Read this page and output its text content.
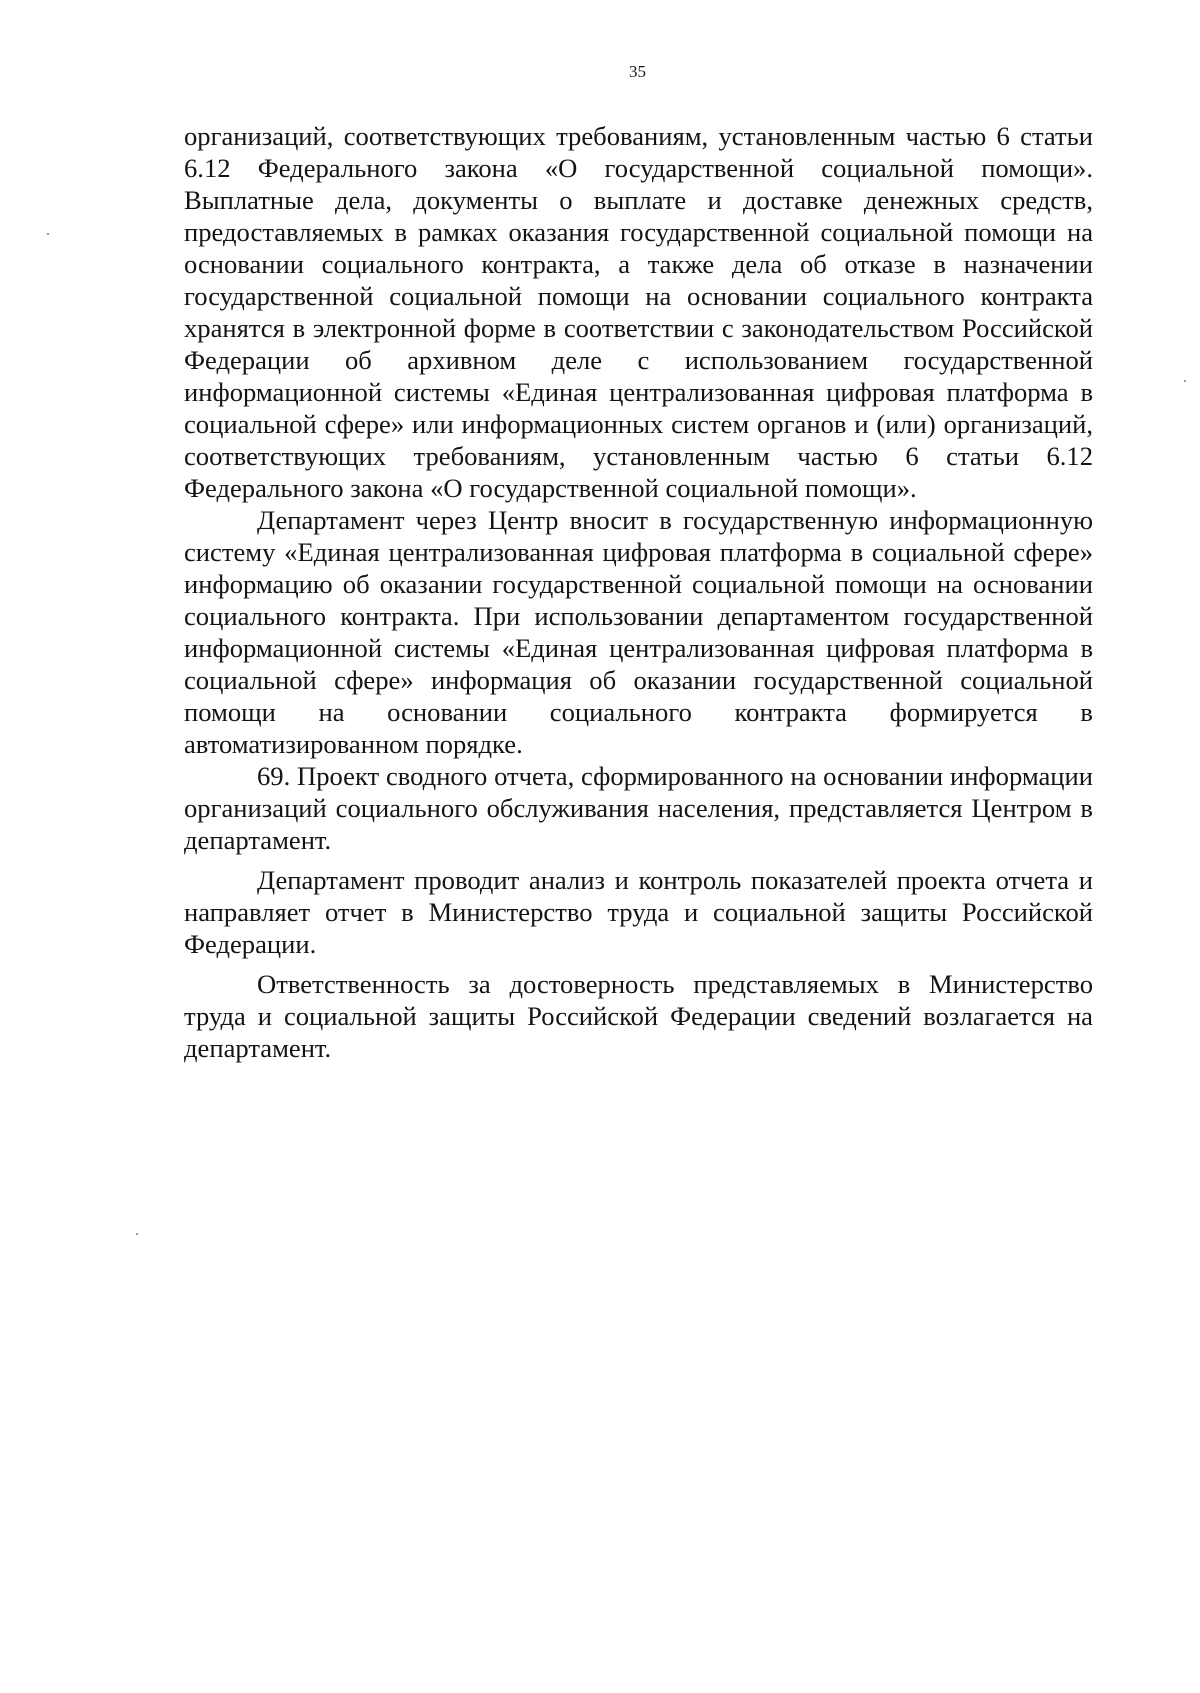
35

организаций, соответствующих требованиям, установленным частью 6 статьи 6.12 Федерального закона «О государственной социальной помощи». Выплатные дела, документы о выплате и доставке денежных средств, предоставляемых в рамках оказания государственной социальной помощи на основании социального контракта, а также дела об отказе в назначении государственной социальной помощи на основании социального контракта хранятся в электронной форме в соответствии с законодательством Российской Федерации об архивном деле с использованием государственной информационной системы «Единая централизованная цифровая платформа в социальной сфере» или информационных систем органов и (или) организаций, соответствующих требованиям, установленным частью 6 статьи 6.12 Федерального закона «О государственной социальной помощи».

Департамент через Центр вносит в государственную информационную систему «Единая централизованная цифровая платформа в социальной сфере» информацию об оказании государственной социальной помощи на основании социального контракта. При использовании департаментом государственной информационной системы «Единая централизованная цифровая платформа в социальной сфере» информация об оказании государственной социальной помощи на основании социального контракта формируется в автоматизированном порядке.

69. Проект сводного отчета, сформированного на основании информации организаций социального обслуживания населения, представляется Центром в департамент.

Департамент проводит анализ и контроль показателей проекта отчета и направляет отчет в Министерство труда и социальной защиты Российской Федерации.

Ответственность за достоверность представляемых в Министерство труда и социальной защиты Российской Федерации сведений возлагается на департамент.
